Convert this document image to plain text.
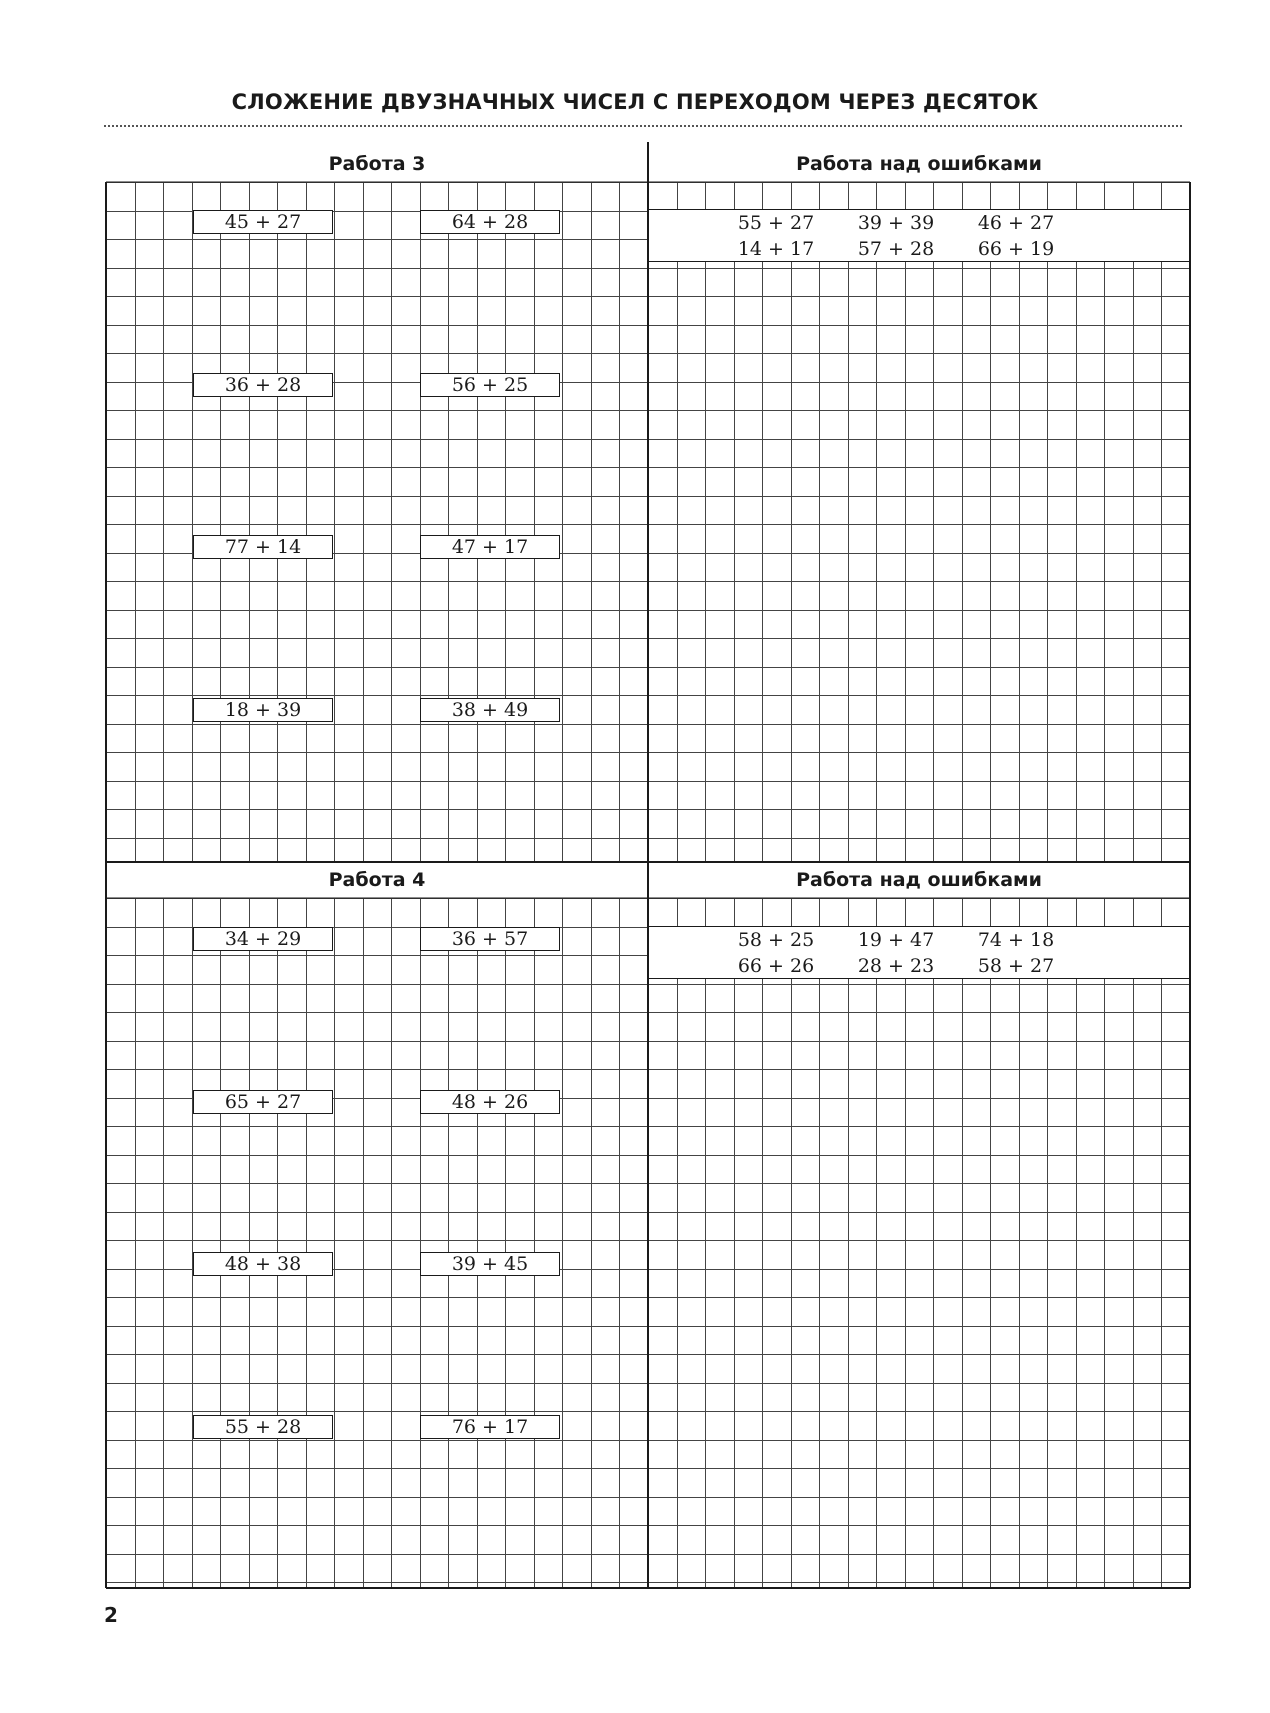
СЛОЖЕНИЕ ДВУЗНАЧНЫХ ЧИСЕЛ С ПЕРЕХОДОМ ЧЕРЕЗ ДЕСЯТОК
Работа 3	Работа над ошибками
Работа 4	Работа над ошибками
45 + 27	64 + 28
36 + 28	56 + 25
77 + 14	47 + 17
18 + 39	38 + 49
55 + 27	39 + 39	46 + 27
14 + 17	57 + 28	66 + 19
34 + 29	36 + 57
65 + 27	48 + 26
48 + 38	39 + 45
55 + 28	76 + 17
58 + 25	19 + 47	74 + 18
66 + 26	28 + 23	58 + 27
2
